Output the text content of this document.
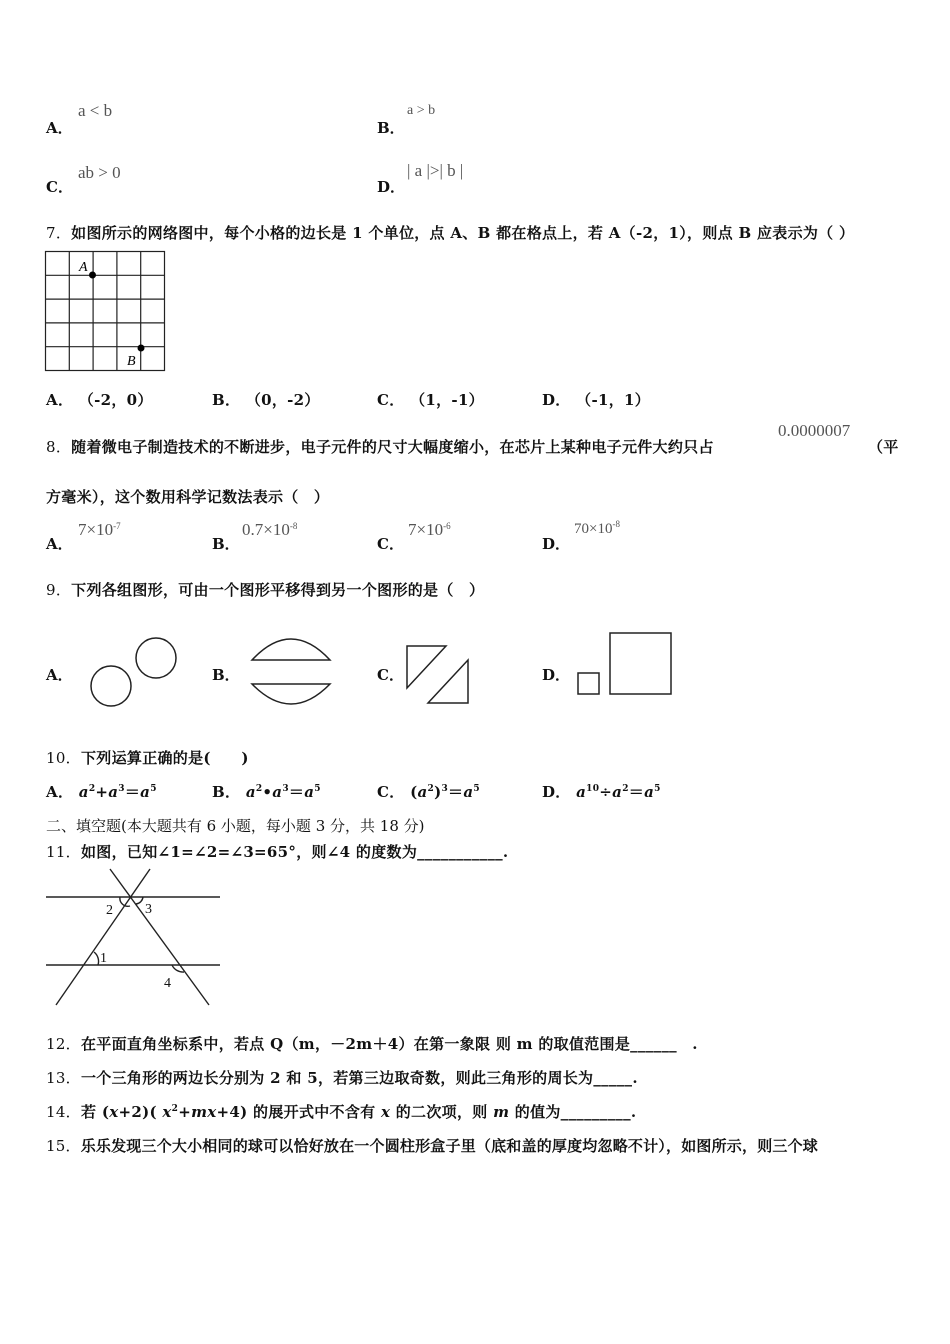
A．
a < b
B．
a > b
C．
ab > 0
D．
| a |>| b |
7．如图所示的网络图中，每个小格的边长是 1 个单位，点 A、B 都在格点上，若 A（-2，1），则点 B 应表示为（ ）
A
B
A． （-2，0）	B． （0，-2）	C． （1，-1）	D． （-1，1）
8．随着微电子制造技术的不断进步，电子元件的尺寸大幅度缩小，在芯片上某种电子元件大约只占
0.0000007
（平
方毫米），这个数用科学记数法表示（　）
A．
$7\times 10^{-7}$
B．
$0.7\times 10^{-8}$
C．
$7\times 10^{-6}$
D．
$70\times 10^{-8}$
9．下列各组图形，可由一个图形平移得到另一个图形的是（　）
A．	B．	C．	D．
10．下列运算正确的是(　　)
A． $a^2+a^3=a^5$	B． $a^2•a^3=a^5$	C． $(a^2)^3=a^5$	D． $a^{10}\div a^2=a^5$
二、填空题(本大题共有 6 小题，每小题 3 分，共 18 分)
11．如图，已知∠1=∠2=∠3=65°，则∠4 的度数为___________.
1
2 3
4
12．在平面直角坐标系中，若点 Q（m，－2m＋4）在第一象限 则 m 的取值范围是______　.
13．一个三角形的两边长分别为 2 和 5，若第三边取奇数，则此三角形的周长为_____.
14．若 (x+2)( $x^2+mx+4$) 的展开式中不含有 x 的二次项，则 m 的值为_________.
15．乐乐发现三个大小相同的球可以恰好放在一个圆柱形盒子里（底和盖的厚度均忽略不计），如图所示，则三个球
